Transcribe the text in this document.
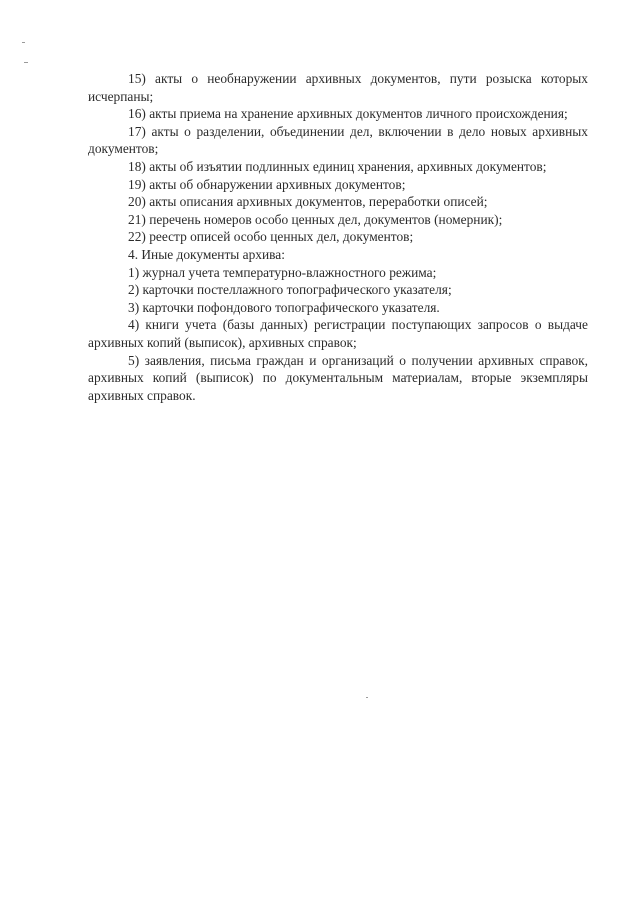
15) акты о необнаружении архивных документов, пути розыска которых исчерпаны;

16) акты приема на хранение архивных документов личного происхождения;

17) акты о разделении, объединении дел, включении в дело новых архивных документов;

18) акты об изъятии подлинных единиц хранения, архивных документов;

19) акты об обнаружении архивных документов;

20) акты описания архивных документов, переработки описей;

21) перечень номеров особо ценных дел, документов (номерник);

22) реестр описей особо ценных дел, документов;

4. Иные документы архива:

1) журнал учета температурно-влажностного режима;

2) карточки постеллажного топографического указателя;

3) карточки пофондового топографического указателя.

4) книги учета (базы данных) регистрации поступающих запросов о выдаче архивных копий (выписок), архивных справок;

5) заявления, письма граждан и организаций о получении архивных справок, архивных копий (выписок) по документальным материалам, вторые экземпляры архивных справок.
